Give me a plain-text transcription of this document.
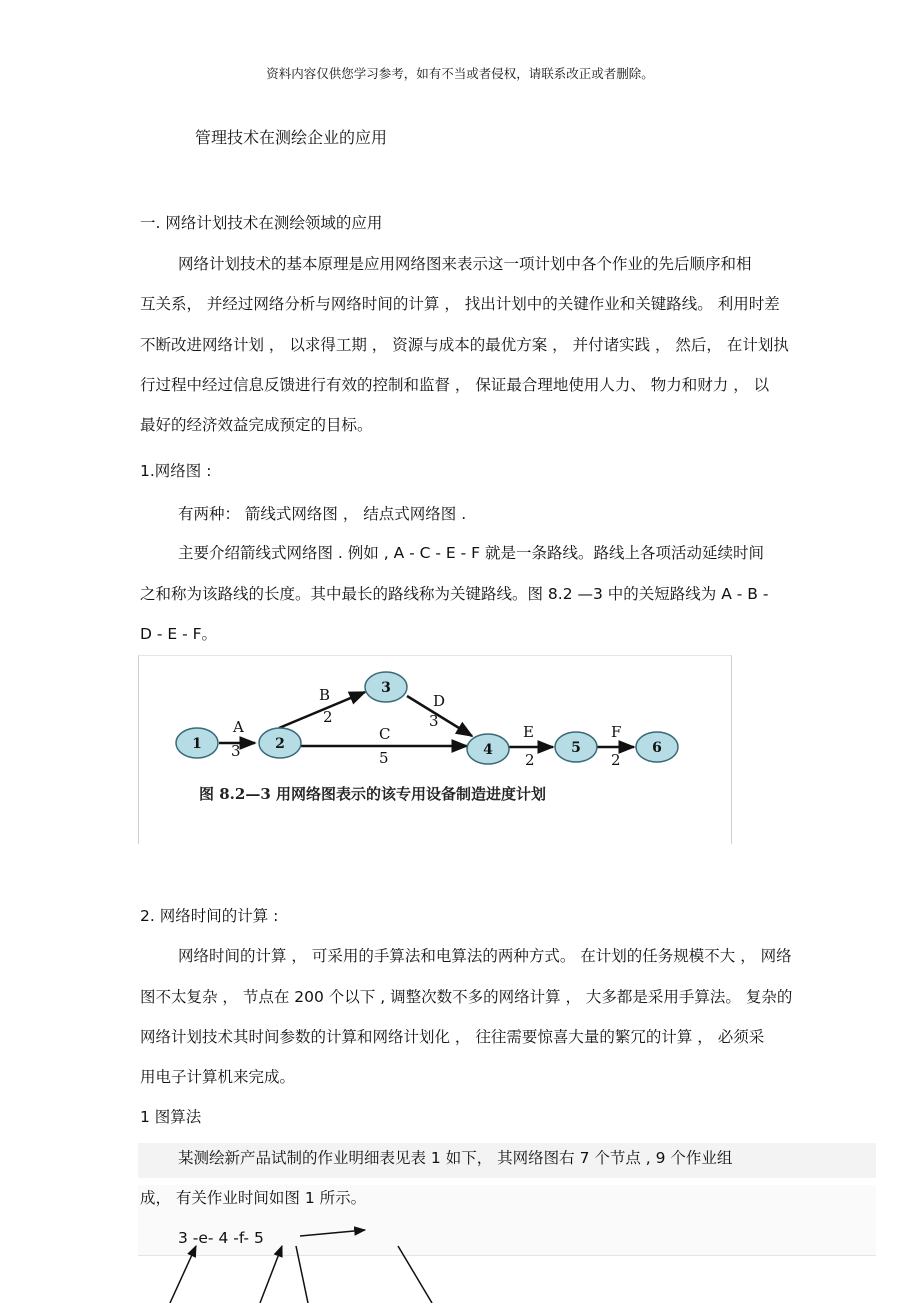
资料内容仅供您学习参考，如有不当或者侵权，请联系改正或者删除。
管理技术在测绘企业的应用
一. 网络计划技术在测绘领域的应用
网络计划技术的基本原理是应用网络图来表示这一项计划中各个作业的先后顺序和相
互关系， 并经过网络分析与网络时间的计算 ， 找出计划中的关键作业和关键路线。 利用时差
不断改进网络计划 ， 以求得工期 ， 资源与成本的最优方案 ， 并付诸实践 ， 然后， 在计划执
行过程中经过信息反馈进行有效的控制和监督 ， 保证最合理地使用人力、 物力和财力 ， 以
最好的经济效益完成预定的目标。
1.网络图 :
有两种： 箭线式网络图 ， 结点式网络图 .
主要介绍箭线式网络图 . 例如 , A - C - E - F 就是一条路线。路线上各项活动延续时间
之和称为该路线的长度。其中最长的路线称为关键路线。图 8.2 —3 中的关短路线为 A - B -
D - E - F。
1	2
3
4	5	6
A
B
C
D
E	F
3
2
5
3
2	2
图 8.2—3 用网络图表示的该专用设备制造进度计划
2. 网络时间的计算 :
网络时间的计算 ， 可采用的手算法和电算法的两种方式。 在计划的任务规模不大 ， 网络
图不太复杂 ， 节点在 200 个以下 , 调整次数不多的网络计算 ， 大多都是采用手算法。 复杂的
网络计划技术其时间参数的计算和网络计划化 ， 往往需要惊喜大量的繁冗的计算 ， 必须采
用电子计算机来完成。
1 图算法
某测绘新产品试制的作业明细表见表 1 如下， 其网络图右 7 个节点 , 9 个作业组
成， 有关作业时间如图 1 所示。
3 -e- 4 -f- 5
